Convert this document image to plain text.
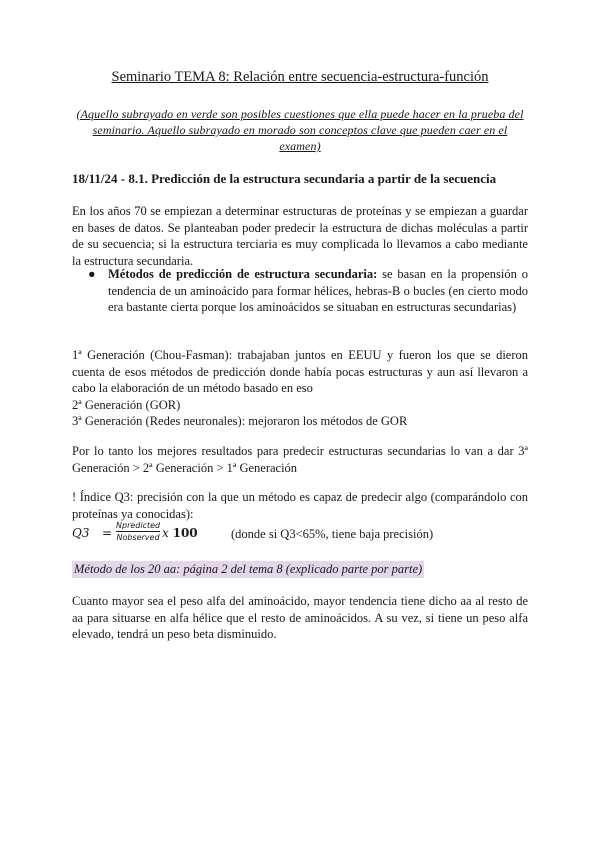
Seminario TEMA 8: Relación entre secuencia-estructura-función
(Aquello subrayado en verde son posibles cuestiones que ella puede hacer en la prueba del seminario. Aquello subrayado en morado son conceptos clave que pueden caer en el examen)
18/11/24 - 8.1. Predicción de la estructura secundaria a partir de la secuencia
En los años 70 se empiezan a determinar estructuras de proteínas y se empiezan a guardar en bases de datos. Se planteaban poder predecir la estructura de dichas moléculas a partir de su secuencia; si la estructura terciaria es muy complicada lo llevamos a cabo mediante la estructura secundaria.
● Métodos de predicción de estructura secundaria: se basan en la propensión o tendencia de un aminoácido para formar hélices, hebras-B o bucles (en cierto modo era bastante cierta porque los aminoácidos se situaban en estructuras secundarias)
1ª Generación (Chou-Fasman): trabajaban juntos en EEUU y fueron los que se dieron cuenta de esos métodos de predicción donde había pocas estructuras y aun así llevaron a cabo la elaboración de un método basado en eso
2ª Generación (GOR)
3ª Generación (Redes neuronales): mejoraron los métodos de GOR
Por lo tanto los mejores resultados para predecir estructuras secundarias lo van a dar 3ª Generación > 2ª Generación > 1ª Generación
! Índice Q3: precisión con la que un método es capaz de predecir algo (comparándolo con proteínas ya conocidas):
Q3 =
Npredicted
Nobserved x 100	(donde si Q3<65%, tiene baja precisión)
Método de los 20 aa: página 2 del tema 8 (explicado parte por parte)
Cuanto mayor sea el peso alfa del aminoácido, mayor tendencia tiene dicho aa al resto de aa para situarse en alfa hélice que el resto de aminoácidos. A su vez, si tiene un peso alfa elevado, tendrá un peso beta disminuido.
